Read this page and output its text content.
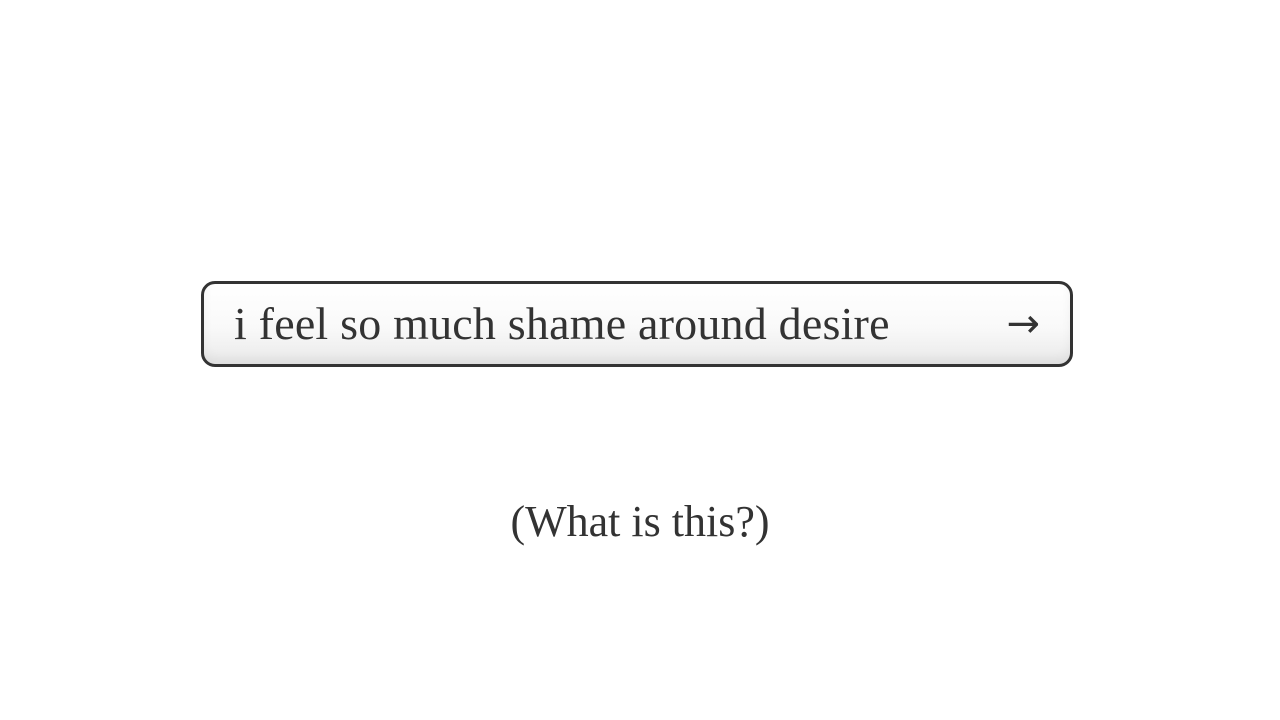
i feel so much shame around desire	→
(What is this?)
